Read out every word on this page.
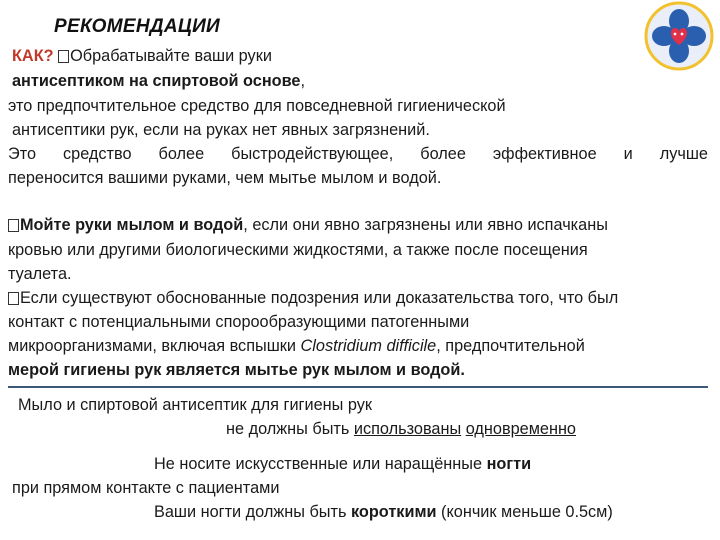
РЕКОМЕНДАЦИИ
КАК? Обрабатывайте ваши руки
антисептиком на спиртовой основе,
это предпочтительное средство для повседневной гигиенической
антисептики рук, если на руках нет явных загрязнений.
Это средство более быстродействующее, более эффективное и лучше
переносится вашими руками, чем мытье мылом и водой.
Мойте руки мылом и водой, если они явно загрязнены или явно испачканы
кровью или другими биологическими жидкостями, а также после посещения
туалета.
Если существуют обоснованные подозрения или доказательства того, что был
контакт с потенциальными спорообразующими патогенными
микроорганизмами, включая вспышки Clostridium difficile, предпочтительной
мерой гигиены рук является мытье рук мылом и водой.
Мыло и спиртовой антисептик для гигиены рук
не должны быть использованы одновременно
Не носите искусственные или наращённые ногти
при прямом контакте с пациентами
Ваши ногти должны быть короткими (кончик меньше 0.5см)
